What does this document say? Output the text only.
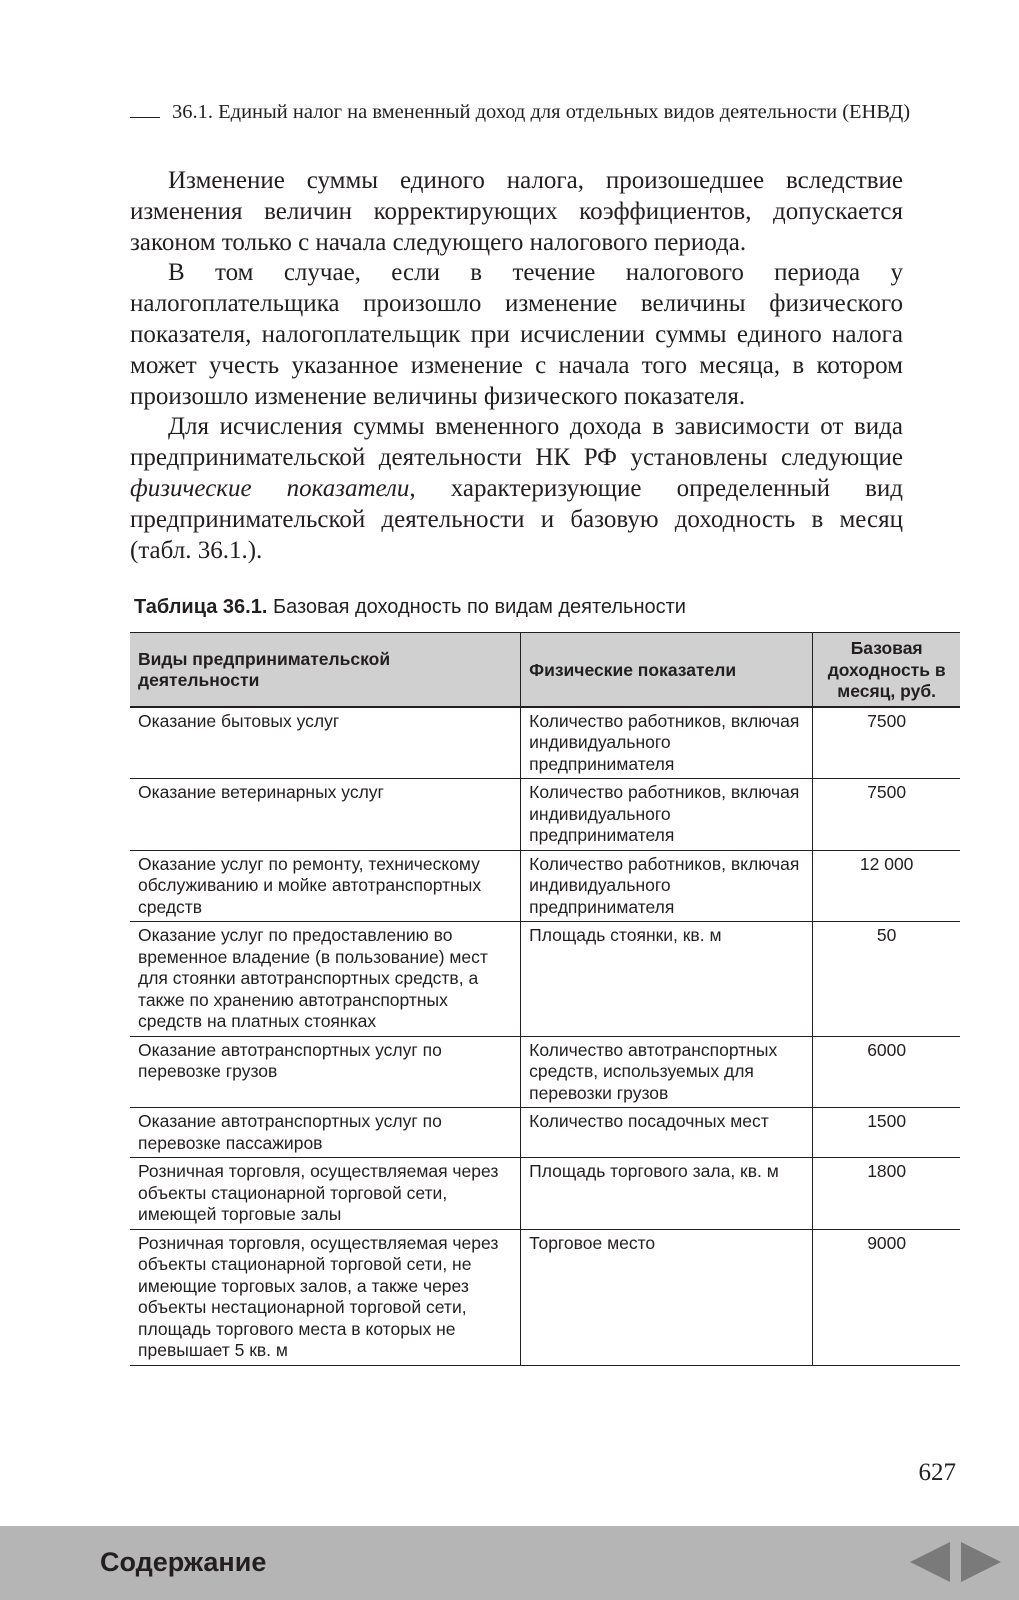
36.1. Единый налог на вмененный доход для отдельных видов деятельности (ЕНВД)

Изменение суммы единого налога, произошедшее вследствие изменения величин корректирующих коэффициентов, допускается законом только с начала следующего налогового периода.

В том случае, если в течение налогового периода у налогоплательщика произошло изменение величины физического показателя, налогоплательщик при исчислении суммы единого налога может учесть указанное изменение с начала того месяца, в котором произошло изменение величины физического показателя.

Для исчисления суммы вмененного дохода в зависимости от вида предпринимательской деятельности НК РФ установлены следующие физические показатели, характеризующие определенный вид предпринимательской деятельности и базовую доходность в месяц (табл. 36.1.).

Таблица 36.1. Базовая доходность по видам деятельности
Виды предпринимательской деятельности	Физические показатели	Базовая доходность в месяц, руб.
Оказание бытовых услуг	Количество работников, включая индивидуального предпринимателя	7500
Оказание ветеринарных услуг	Количество работников, включая индивидуального предпринимателя	7500
Оказание услуг по ремонту, техническому обслуживанию и мойке автотранспортных средств	Количество работников, включая индивидуального предпринимателя	12 000
Оказание услуг по предоставлению во временное владение (в пользование) мест для стоянки автотранспортных средств, а также по хранению автотранспортных средств на платных стоянках	Площадь стоянки, кв. м	50
Оказание автотранспортных услуг по перевозке грузов	Количество автотранспортных средств, используемых для перевозки грузов	6000
Оказание автотранспортных услуг по перевозке пассажиров	Количество посадочных мест	1500
Розничная торговля, осуществляемая через объекты стационарной торговой сети, имеющей торговые залы	Площадь торгового зала, кв. м	1800
Розничная торговля, осуществляемая через объекты стационарной торговой сети, не имеющие торговых залов, а также через объекты нестационарной торговой сети, площадь торгового места в которых не превышает 5 кв. м	Торговое место	9000
627
Содержание
